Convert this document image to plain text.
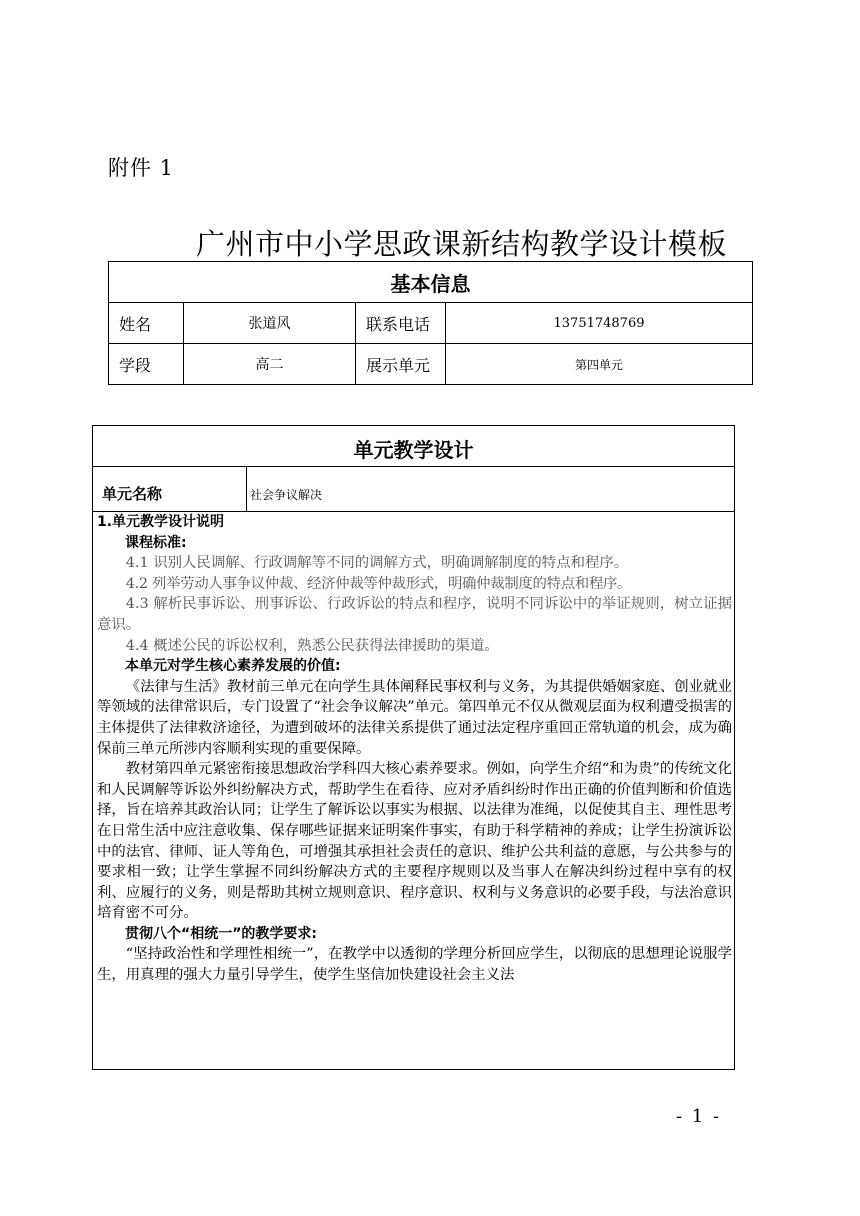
附件 1
广州市中小学思政课新结构教学设计模板
基本信息			
姓名	张道风	联系电话	13751748769
学段	高二	展示单元	第四单元
单元教学设计
单元名称	社会争议解决

1.单元教学设计说明

课程标准:

4.1 识别人民调解、行政调解等不同的调解方式，明确调解制度的特点和程序。

4.2 列举劳动人事争议仲裁、经济仲裁等仲裁形式，明确仲裁制度的特点和程序。

4.3 解析民事诉讼、刑事诉讼、行政诉讼的特点和程序，说明不同诉讼中的举证规则，树立证据意识。

4.4 概述公民的诉讼权利，熟悉公民获得法律援助的渠道。

本单元对学生核心素养发展的价值:

《法律与生活》教材前三单元在向学生具体阐释民事权利与义务，为其提供婚姻家庭、创业就业等领域的法律常识后，专门设置了“社会争议解决”单元。第四单元不仅从微观层面为权利遭受损害的主体提供了法律救济途径，为遭到破坏的法律关系提供了通过法定程序重回正常轨道的机会，成为确保前三单元所涉内容顺利实现的重要保障。

教材第四单元紧密衔接思想政治学科四大核心素养要求。例如，向学生介绍“和为贵”的传统文化和人民调解等诉讼外纠纷解决方式，帮助学生在看待、应对矛盾纠纷时作出正确的价值判断和价值选择，旨在培养其政治认同；让学生了解诉讼以事实为根据、以法律为准绳，以促使其自主、理性思考在日常生活中应注意收集、保存哪些证据来证明案件事实，有助于科学精神的养成；让学生扮演诉讼中的法官、律师、证人等角色，可增强其承担社会责任的意识、维护公共利益的意愿，与公共参与的要求相一致；让学生掌握不同纠纷解决方式的主要程序规则以及当事人在解决纠纷过程中享有的权利、应履行的义务，则是帮助其树立规则意识、程序意识、权利与义务意识的必要手段，与法治意识培育密不可分。

贯彻八个“相统一”的教学要求:

“坚持政治性和学理性相统一”，在教学中以透彻的学理分析回应学生，以彻底的思想理论说服学生，用真理的强大力量引导学生，使学生坚信加快建设社会主义法

- 1 -
